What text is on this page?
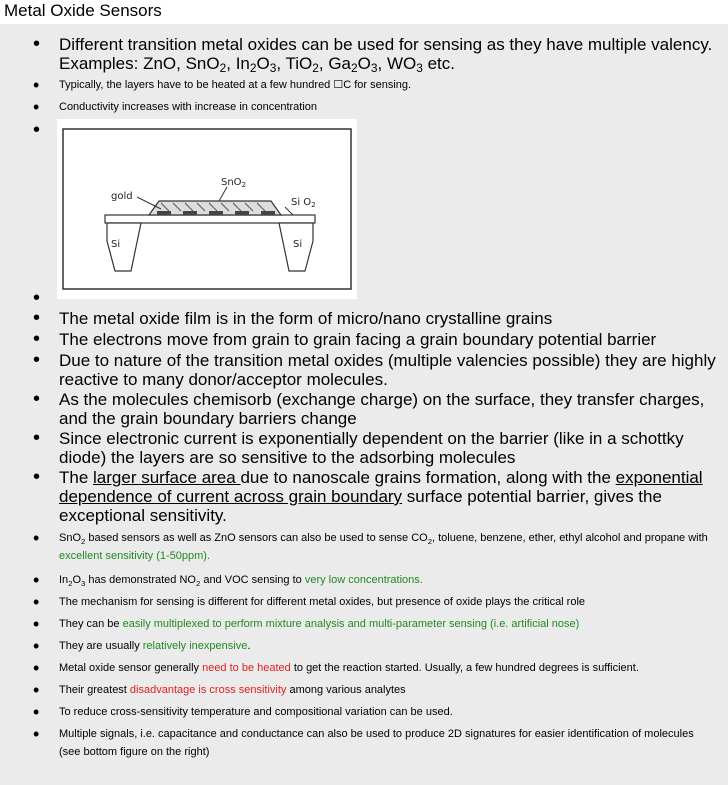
Metal Oxide Sensors
• Different transition metal oxides can be used for sensing as they have multiple valency. Examples: ZnO, SnO$_2$, $In_2O_3$, TiO$_2$, $Ga_2O_3$, $WO_3$ etc.
• Typically, the layers have to be heated at a few hundred ☐C for sensing.
• Conductivity increases with increase in concentration
• gold
SnO$_2$
Si $O_2$
Si	Si
•
• The metal oxide film is in the form of micro/nano crystalline grains
• The electrons move from grain to grain facing a grain boundary potential barrier
• Due to nature of the transition metal oxides (multiple valencies possible) they are highly reactive to many donor/acceptor molecules.
• As the molecules chemisorb (exchange charge) on the surface, they transfer charges, and the grain boundary barriers change
• Since electronic current is exponentially dependent on the barrier (like in a schottky diode) the layers are so sensitive to the adsorbing molecules
• The larger surface area due to nanoscale grains formation, along with the exponential dependence of current across grain boundary surface potential barrier, gives the exceptional sensitivity.
• SnO$_2$ based sensors as well as ZnO sensors can also be used to sense $CO_2$, toluene, benzene, ether, ethyl alcohol and propane with excellent sensitivity (1-50ppm).
• $In_2O_3$ has demonstrated $NO_2$ and VOC sensing to very low concentrations.
• The mechanism for sensing is different for different metal oxides, but presence of oxide plays the critical role
• They can be easily multiplexed to perform mixture analysis and multi-parameter sensing (i.e. artificial nose)
• They are usually relatively inexpensive.
• Metal oxide sensor generally need to be heated to get the reaction started. Usually, a few hundred degrees is sufficient.
• Their greatest disadvantage is cross sensitivity among various analytes
• To reduce cross-sensitivity temperature and compositional variation can be used.
• Multiple signals, i.e. capacitance and conductance can also be used to produce 2D signatures for easier identification of molecules (see bottom figure on the right)
